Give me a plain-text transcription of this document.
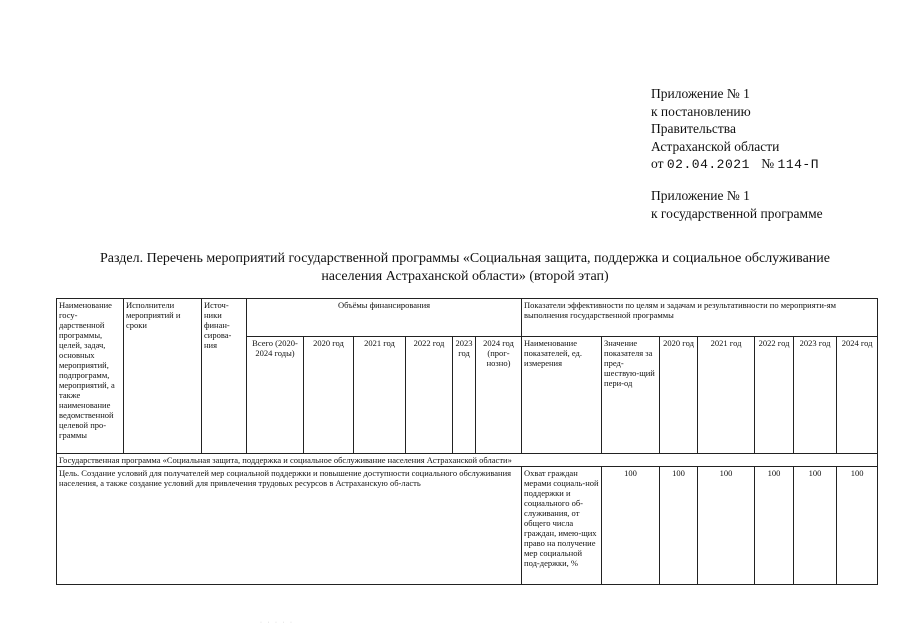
Приложение № 1
к постановлению
Правительства
Астраханской области
от 02.04.2021 № 114-П
Приложение № 1
к государственной программе
Раздел. Перечень мероприятий государственной программы «Социальная защита, поддержка и социальное обслуживание
населения Астраханской области» (второй этап)
Наименование госу-дарственной программы, целей, задач, основных мероприятий, подпрограмм, мероприятий, а также наименование ведомственной целевой про-граммы	Исполнители мероприятий и сроки	Источ-ники финан-сирова-ния	Объёмы финансирования						Показатели эффективности по целям и задачам и результативности по мероприяти-ям выполнения государственной программы						
			Всего (2020-2024 годы)	2020 год	2021 год	2022 год	2023 год	2024 год (прог-нозно)	Наименование показателей, ед. измерения	Значение показателя за пред-шествую-щий пери-од	2020 год	2021 год	2022 год	2023 год	2024 год
Государственная программа «Социальная защита, поддержка и социальное обслуживание населения Астраханской области»															
Цель. Создание условий для получателей мер социальной поддержки и повышение доступности социального обслуживания населения, а также создание условий для привлечения трудовых ресурсов в Астраханскую об-ласть									Охват граждан мерами социаль-ной поддержки и социального об-служивания, от общего числа граждан, имею-щих право на получение мер социальной под-держки, %	100	100	100	100	100	100
· · · · ·
